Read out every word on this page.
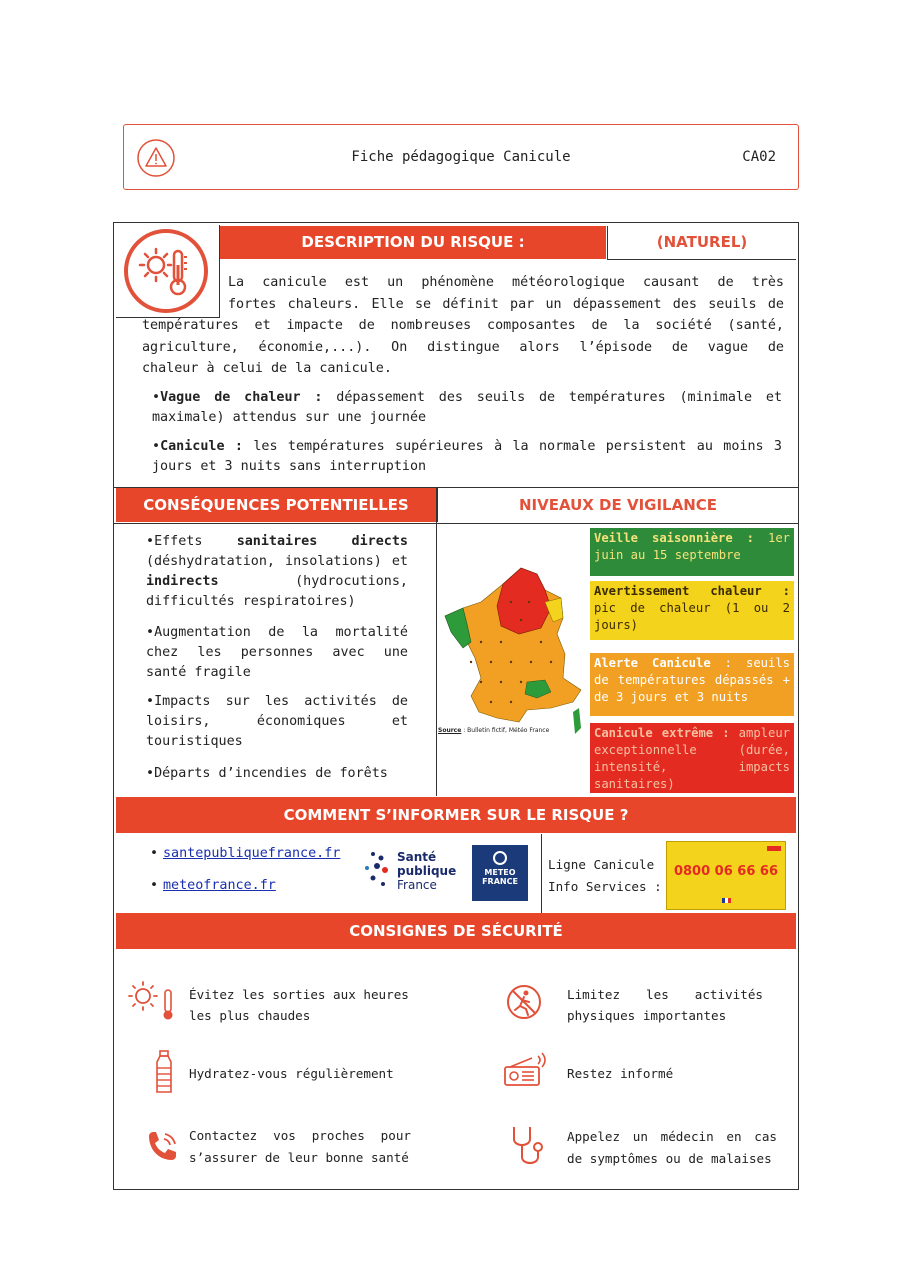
Fiche pédagogique Canicule	CA02
DESCRIPTION DU RISQUE :	(NATUREL)
La canicule est un phénomène météorologique causant de très
fortes chaleurs. Elle se définit par un dépassement des seuils de
températures et impacte de nombreuses composantes de la société (santé,
agriculture, économie,...). On distingue alors l’épisode de vague de
chaleur à celui de la canicule.
•Vague de chaleur : dépassement des seuils de températures (minimale et maximale) attendus sur une journée
•Canicule : les températures supérieures à la normale persistent au moins 3 jours et 3 nuits sans interruption
CONSÉQUENCES POTENTIELLES	NIVEAUX DE VIGILANCE
•Effets sanitaires directs (déshydratation, insolations) et indirects (hydrocutions, difficultés respiratoires)
•Augmentation de la mortalité chez les personnes avec une santé fragile
•Impacts sur les activités de loisirs, économiques et touristiques
•Départs d’incendies de forêts
Source : Bulletin fictif, Météo France
Veille saisonnière : 1er juin au 15 septembre
Avertissement chaleur : pic de chaleur (1 ou 2 jours)
Alerte Canicule : seuils de températures dépassés + de 3 jours et 3 nuits
Canicule extrême : ampleur exceptionnelle (durée, intensité, impacts sanitaires)
COMMENT S’INFORMER SUR LE RISQUE ?
• santepubliquefrance.fr
• meteofrance.fr
Santé
publique
France
METEO
FRANCE
Ligne Canicule
Info Services :
0800 06 66 66
CONSIGNES DE SÉCURITÉ
Évitez les sorties aux heures
les plus chaudes
Limitez les activités
physiques importantes
Hydratez-vous régulièrement	Restez informé
Contactez vos proches pour
s’assurer de leur bonne santé
Appelez un médecin en cas
de symptômes ou de malaises
